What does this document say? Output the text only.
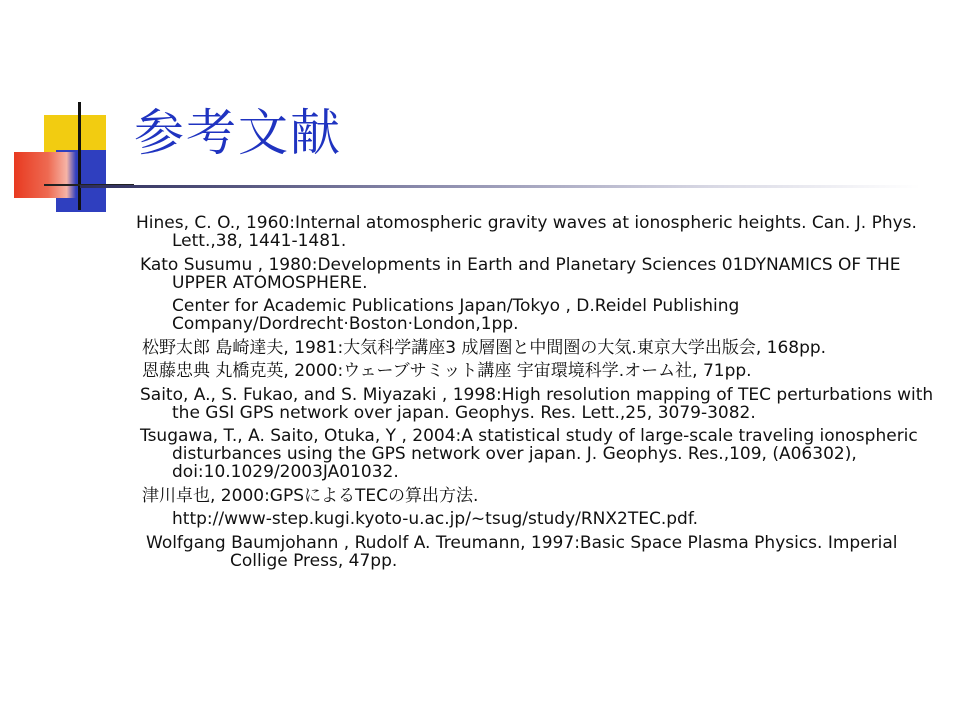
参考文献
Hines, C. O., 1960:Internal atomospheric gravity waves at ionospheric heights. Can. J. Phys. Lett.,38, 1441-1481.
Kato Susumu , 1980:Developments in Earth and Planetary Sciences 01DYNAMICS OF THE UPPER ATOMOSPHERE.
Center for Academic Publications Japan/Tokyo , D.Reidel Publishing Company/Dordrecht·Boston·London,1pp.
松野太郎 島崎達夫, 1981:大気科学講座3 成層圏と中間圏の大気.東京大学出版会, 168pp.
恩藤忠典 丸橋克英, 2000:ウェーブサミット講座 宇宙環境科学.オーム社, 71pp.
Saito, A., S. Fukao, and S. Miyazaki , 1998:High resolution mapping of TEC perturbations with the GSI GPS network over japan. Geophys. Res. Lett.,25, 3079-3082.
Tsugawa, T., A. Saito, Otuka, Y , 2004:A statistical study of large-scale traveling ionospheric disturbances using the GPS network over japan. J. Geophys. Res.,109, (A06302), doi:10.1029/2003JA01032.
津川卓也, 2000:GPSによるTECの算出方法.
http://www-step.kugi.kyoto-u.ac.jp/~tsug/study/RNX2TEC.pdf.
Wolfgang Baumjohann , Rudolf A. Treumann, 1997:Basic Space Plasma Physics. Imperial Collige Press, 47pp.
